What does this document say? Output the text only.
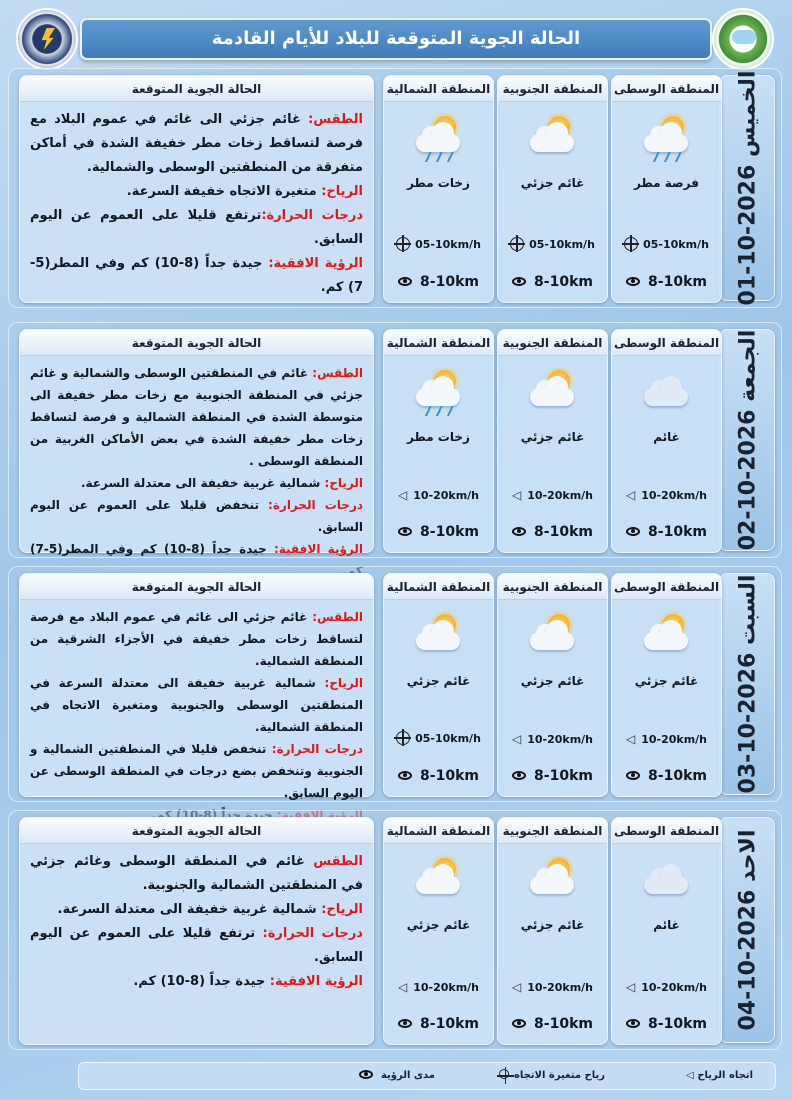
الحالة الجوية المتوقعة للبلاد للأيام القادمة
الخميس 2026-10-01
المنطقة الوسطى
فرصة مطر
05-10km/h
8-10km
المنطقة الجنوبية
غائم جزئي
05-10km/h
8-10km
المنطقة الشمالية
زخات مطر
05-10km/h
8-10km
الحالة الجوية المتوقعة
الطقس: غائم جزئي الى غائم في عموم البلاد مع فرصة لتساقط زخات مطر خفيفة الشدة في أماكن متفرقة من المنطقتين الوسطى والشمالية.
الرياح: متغيرة الاتجاه خفيفة السرعة.
درجات الحرارة:ترتفع قليلا على العموم عن اليوم السابق.
الرؤية الافقية: جيدة جداً (8-10) كم وفي المطر(5-7) كم.
الجمعة 2026-10-02
المنطقة الوسطى
غائم
◁ 10-20km/h
8-10km
المنطقة الجنوبية
غائم جزئي
◁ 10-20km/h
8-10km
المنطقة الشمالية
زخات مطر
◁ 10-20km/h
8-10km
الحالة الجوية المتوقعة
الطقس: غائم في المنطقتين الوسطى والشمالية و غائم جزئي في المنطقة الجنوبية مع زخات مطر خفيفة الى متوسطة الشدة في المنطقة الشمالية و فرصة لتساقط زخات مطر خفيفة الشدة في بعض الأماكن الغربية من المنطقة الوسطى .
الرياح: شمالية غربية خفيفة الى معتدلة السرعة.
درجات الحرارة: تنخفض قليلا على العموم عن اليوم السابق.
الرؤية الافقية: جيدة جداً (8-10) كم وفي المطر(5-7)
السبت 2026-10-03
المنطقة الوسطى
غائم جزئي
◁ 10-20km/h
8-10km
المنطقة الجنوبية
غائم جزئي
◁ 10-20km/h
8-10km
المنطقة الشمالية
غائم جزئي
05-10km/h
8-10km
الحالة الجوية المتوقعة
الطقس: غائم جزئي الى غائم في عموم البلاد مع فرصة لتساقط زخات مطر خفيفة في الأجزاء الشرقية من المنطقة الشمالية.
الرياح: شمالية غربية خفيفة الى معتدلة السرعة في المنطقتين الوسطى والجنوبية ومتغيرة الاتجاه في المنطقة الشمالية.
درجات الحرارة: تنخفض قليلا في المنطقتين الشمالية و الجنوبية وتنخفض بضع درجات في المنطقة الوسطى عن اليوم السابق.

الاحد 2026-10-04
المنطقة الوسطى
غائم
◁ 10-20km/h
8-10km
المنطقة الجنوبية
غائم جزئي
◁ 10-20km/h
8-10km
المنطقة الشمالية
غائم جزئي
◁ 10-20km/h
8-10km
الحالة الجوية المتوقعة
الطقس غائم في المنطقة الوسطى وغائم جزئي في المنطقتين الشمالية والجنوبية.
الرياح: شمالية غربية خفيفة الى معتدلة السرعة.
درجات الحرارة: ترتفع قليلا على العموم عن اليوم السابق.
الرؤية الافقية: جيدة جداً (8-10) كم.
◁ اتجاه الرياح
رياح متغيرة الاتجاه
مدى الرؤية
